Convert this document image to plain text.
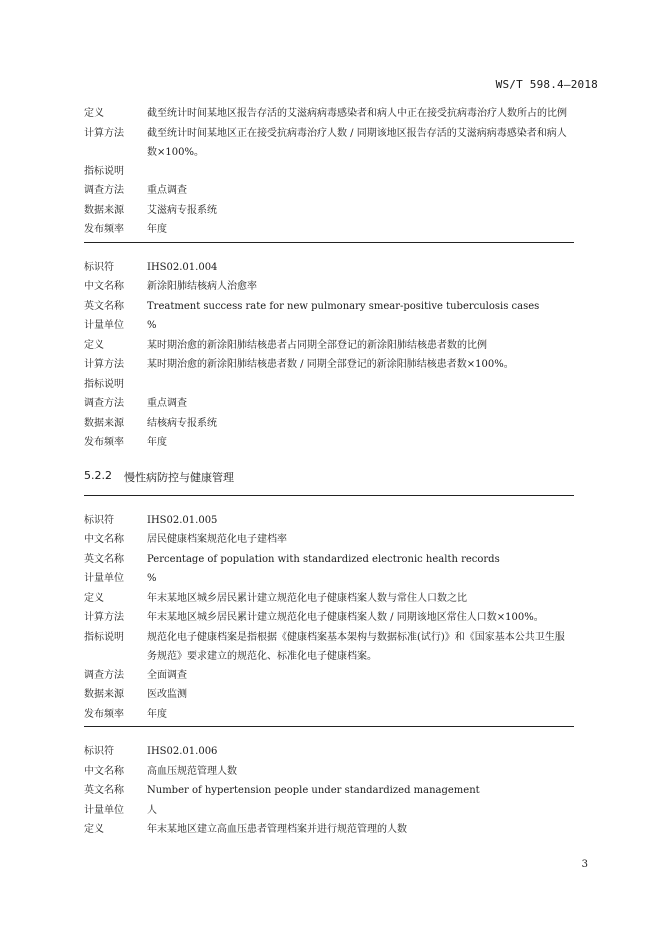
WS/T 598.4—2018
定义	截至统计时间某地区报告存活的艾滋病病毒感染者和病人中正在接受抗病毒治疗人数所占的比例
计算方法	截至统计时间某地区正在接受抗病毒治疗人数 / 同期该地区报告存活的艾滋病病毒感染者和病人数×100%。
指标说明
调查方法	重点调查
数据来源	艾滋病专报系统
发布频率	年度
标识符	IHS02.01.004
中文名称	新涂阳肺结核病人治愈率
英文名称	Treatment success rate for new pulmonary smear-positive tuberculosis cases
计量单位	%
定义	某时期治愈的新涂阳肺结核患者占同期全部登记的新涂阳肺结核患者数的比例
计算方法	某时期治愈的新涂阳肺结核患者数 / 同期全部登记的新涂阳肺结核患者数×100%。
指标说明
调查方法	重点调查
数据来源	结核病专报系统
发布频率	年度
5.2.2	慢性病防控与健康管理
标识符	IHS02.01.005
中文名称	居民健康档案规范化电子建档率
英文名称	Percentage of population with standardized electronic health records
计量单位	%
定义	年末某地区城乡居民累计建立规范化电子健康档案人数与常住人口数之比
计算方法	年末某地区城乡居民累计建立规范化电子健康档案人数 / 同期该地区常住人口数×100%。
指标说明	规范化电子健康档案是指根据《健康档案基本架构与数据标准(试行)》和《国家基本公共卫生服务规范》要求建立的规范化、标准化电子健康档案。
调查方法	全面调查
数据来源	医改监测
发布频率	年度
标识符	IHS02.01.006
中文名称	高血压规范管理人数
英文名称	Number of hypertension people under standardized management
计量单位	人
定义	年末某地区建立高血压患者管理档案并进行规范管理的人数
3
